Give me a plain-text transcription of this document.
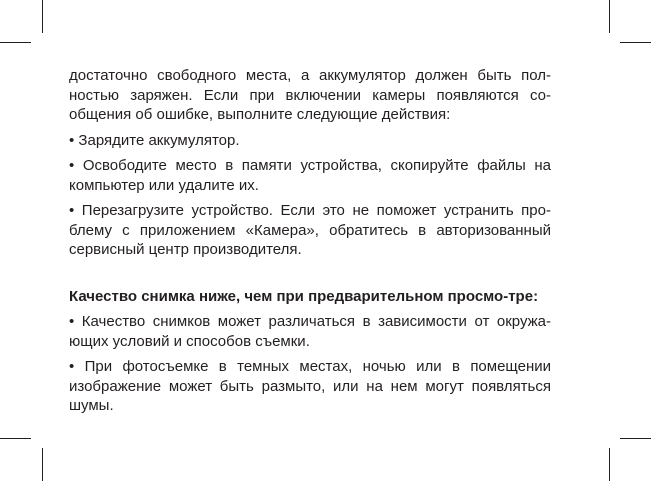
достаточно свободного места, а аккумулятор должен быть пол-ностью заряжен. Если при включении камеры появляются со-общения об ошибке, выполните следующие действия:

• Зарядите аккумулятор.

• Освободите место в памяти устройства, скопируйте файлы на компьютер или удалите их.

• Перезагрузите устройство. Если это не поможет устранить про-блему с приложением «Камера», обратитесь в авторизованный сервисный центр производителя.

Качество снимка ниже, чем при предварительном просмо-тре:

• Качество снимков может различаться в зависимости от окружа-ющих условий и способов съемки.

• При фотосъемке в темных местах, ночью или в помещении изображение может быть размыто, или на нем могут появляться шумы.
